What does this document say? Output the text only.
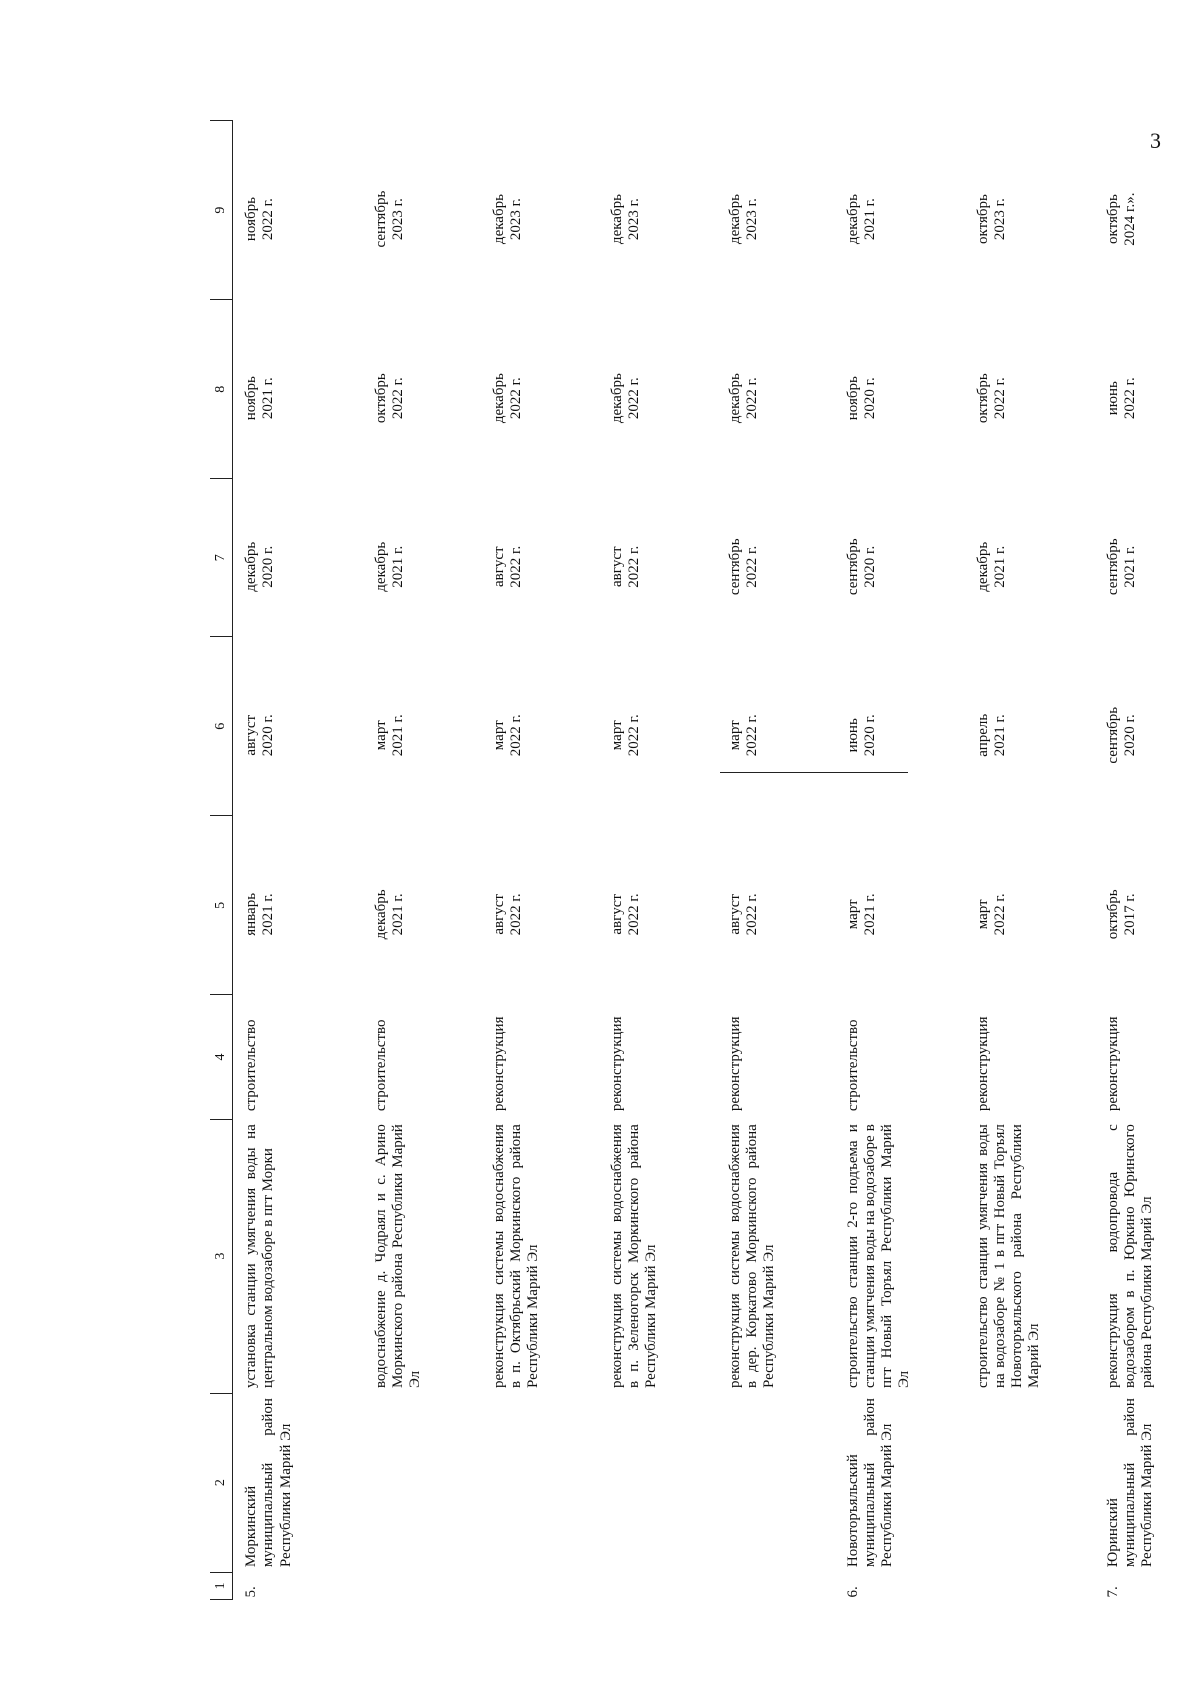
3
1	2	3	4	5	6	7	8	9
5.	Моркинский муниципальный район Республики Марий Эл	установка станции умягчения воды на центральном водозаборе в пгт Морки	строительство	январь 2021 г.	август 2020 г.	декабрь 2020 г.	ноябрь 2021 г.	ноябрь 2022 г.

		водоснабжение д. Чодраял и с. Арино Моркинского района Республики Марий Эл	строительство	декабрь 2021 г.	март 2021 г.	декабрь 2021 г.	октябрь 2022 г.	сентябрь 2023 г.

		реконструкция системы водоснабжения в п. Октябрьский Моркинского района Республики Марий Эл	реконструкция	август 2022 г.	март 2022 г.	август 2022 г.	декабрь 2022 г.	декабрь 2023 г.

		реконструкция системы водоснабжения в п. Зеленогорск Моркинского района Республики Марий Эл	реконструкция	август 2022 г.	март 2022 г.	август 2022 г.	декабрь 2022 г.	декабрь 2023 г.

		реконструкция системы водоснабжения в дер. Коркатово Моркинского района Республики Марий Эл	реконструкция	август 2022 г.	март 2022 г.	сентябрь 2022 г.	декабрь 2022 г.	декабрь 2023 г.

6.	Новоторъяльский муниципальный район Республики Марий Эл	строительство станции 2-го подъема и станции умягчения воды на водозаборе в пгт Новый Торъял Республики Марий Эл	строительство	март 2021 г.	июнь 2020 г.	сентябрь 2020 г.	ноябрь 2020 г.	декабрь 2021 г.

		строительство станции умягчения воды на водозаборе № 1 в пгт Новый Торъял Новоторъяльского района Республики Марий Эл	реконструкция	март 2022 г.	апрель 2021 г.	декабрь 2021 г.	октябрь 2022 г.	октябрь 2023 г.

7.	Юринский муниципальный район Республики Марий Эл	реконструкция водопровода с водозабором в п. Юркино Юринского района Республики Марий Эл	реконструкция	октябрь 2017 г.	сентябрь 2020 г.	сентябрь 2021 г.	июнь 2022 г.	октябрь 2024 г.».
